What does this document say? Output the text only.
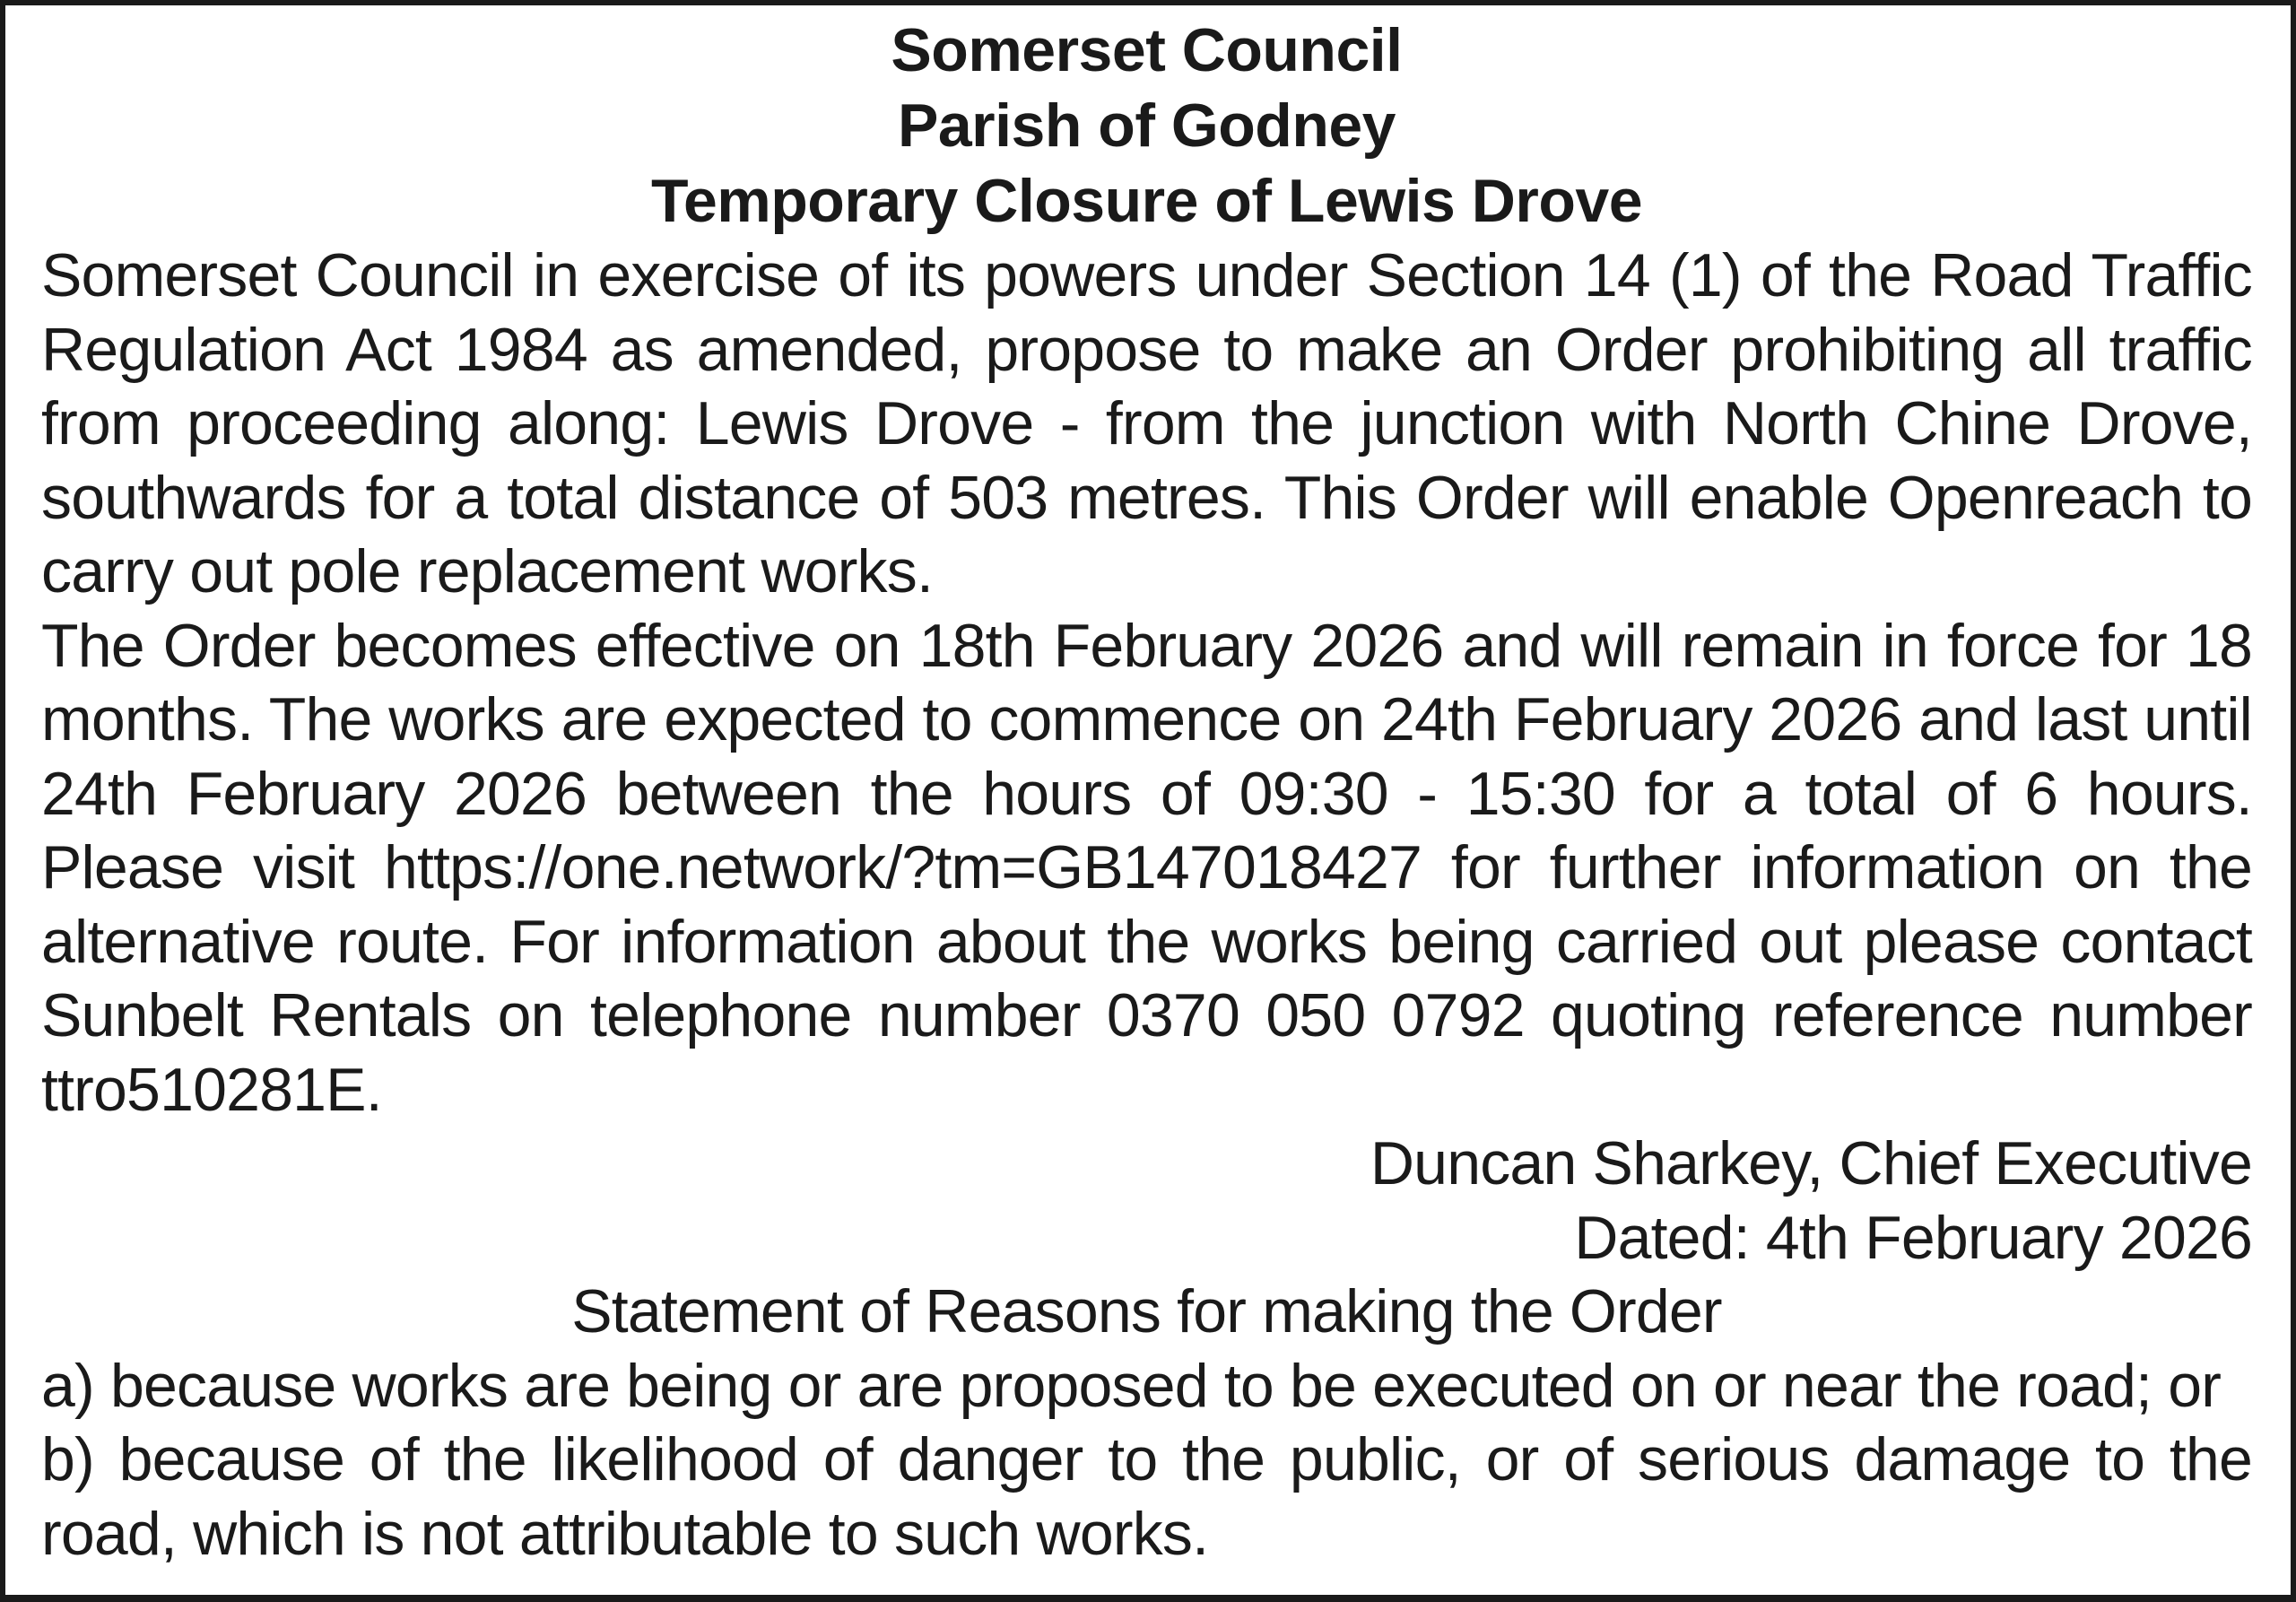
Somerset Council

Parish of Godney

Temporary Closure of Lewis Drove

Somerset Council in exercise of its powers under Section 14 (1) of the Road Traffic Regulation Act 1984 as amended, propose to make an Order prohibiting all traffic from proceeding along: Lewis Drove - from the junction with North Chine Drove, southwards for a total distance of 503 metres. This Order will enable Openreach to carry out pole replacement works.

The Order becomes effective on 18th February 2026 and will remain in force for 18 months. The works are expected to commence on 24th February 2026 and last until 24th February 2026 between the hours of 09:30 - 15:30 for a total of 6 hours. Please visit https://one.network/?tm=GB147018427 for further information on the alternative route. For information about the works being carried out please contact Sunbelt Rentals on telephone number 0370 050 0792 quoting reference number ttro510281E.

Duncan Sharkey, Chief Executive

Dated: 4th February 2026

Statement of Reasons for making the Order

a) because works are being or are proposed to be executed on or near the road; or

b) because of the likelihood of danger to the public, or of serious damage to the road, which is not attributable to such works.
